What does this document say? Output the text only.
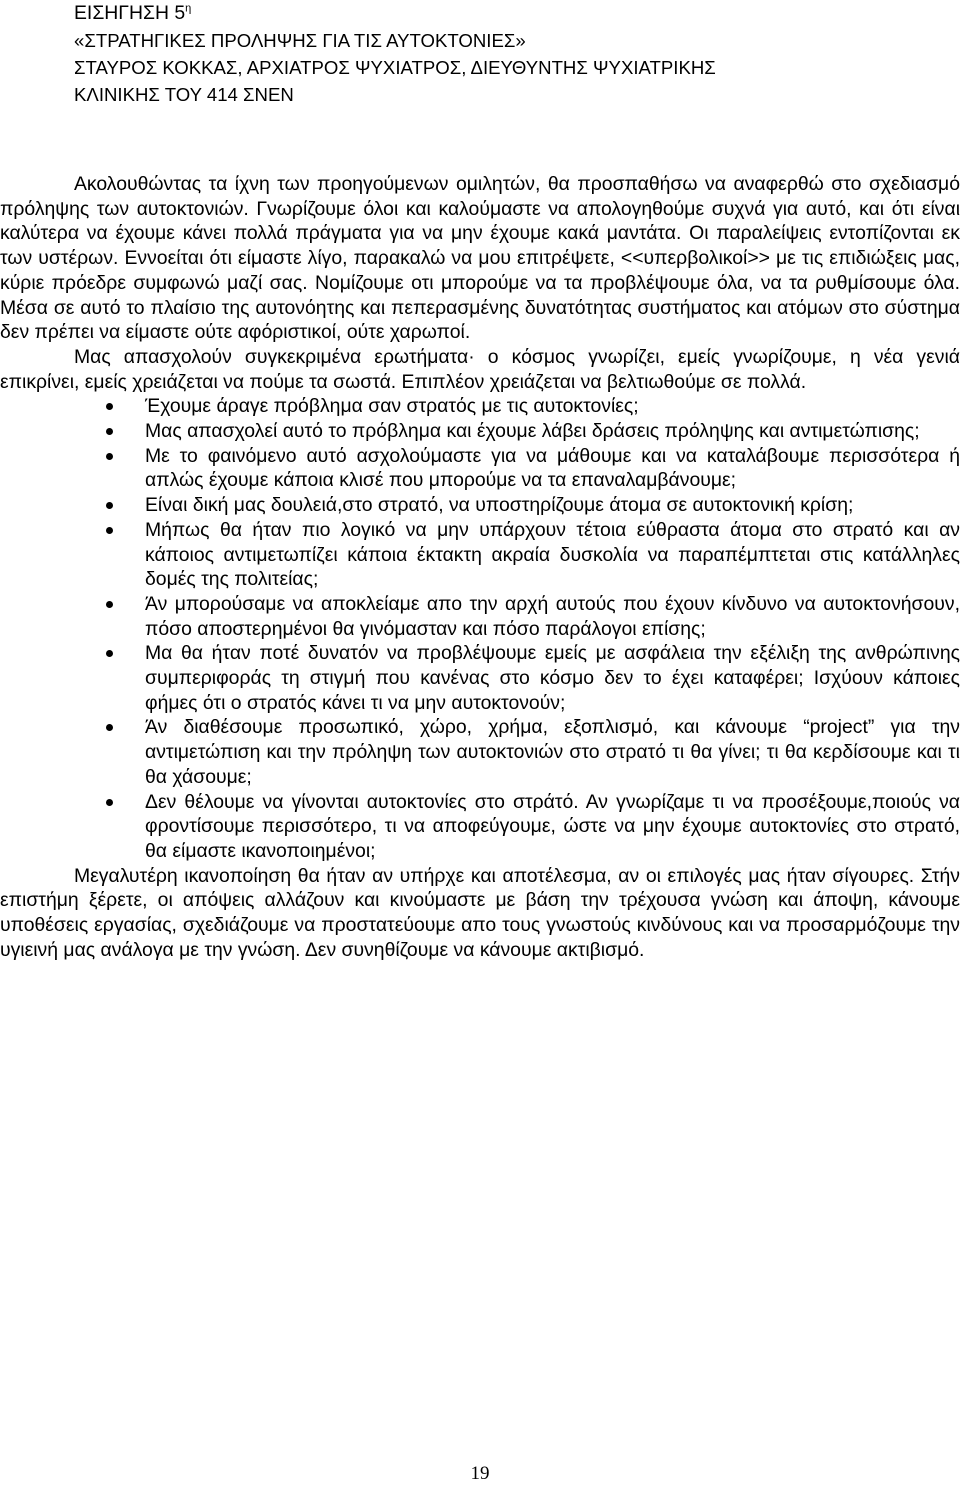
ΕΙΣΗΓΗΣΗ $5^\eta$
«ΣΤΡΑΤΗΓΙΚΕΣ ΠΡΟΛΗΨΗΣ ΓΙΑ ΤΙΣ ΑΥΤΟΚΤΟΝΙΕΣ»
ΣΤΑΥΡΟΣ ΚΟΚΚΑΣ, ΑΡΧΙΑΤΡΟΣ ΨΥΧΙΑΤΡΟΣ, ΔΙΕΥΘΥΝΤΗΣ ΨΥΧΙΑΤΡΙΚΗΣ
ΚΛΙΝΙΚΗΣ ΤΟΥ 414 ΣΝΕΝ

Ακολουθώντας τα ίχνη των προηγούμενων ομιλητών, θα προσπαθήσω να αναφερθώ στο σχεδιασμό πρόληψης των αυτοκτονιών. Γνωρίζουμε όλοι και καλούμαστε να απολογηθούμε συχνά για αυτό, και ότι είναι καλύτερα να έχουμε κάνει πολλά πράγματα για να μην έχουμε κακά μαντάτα. Οι παραλείψεις εντοπίζονται εκ των υστέρων. Εννοείται ότι είμαστε λίγο, παρακαλώ να μου επιτρέψετε, <<υπερβολικοί>> με τις επιδιώξεις μας, κύριε πρόεδρε συμφωνώ μαζί σας. Νομίζουμε οτι μπορούμε να τα προβλέψουμε όλα, να τα ρυθμίσουμε όλα. Μέσα σε αυτό το πλαίσιο της αυτονόητης και πεπερασμένης δυνατότητας συστήματος και ατόμων στο σύστημα δεν πρέπει να είμαστε ούτε αφόριστικοί, ούτε χαρωποί.

Μας απασχολούν συγκεκριμένα ερωτήματα· ο κόσμος γνωρίζει, εμείς γνωρίζουμε, η νέα γενιά επικρίνει, εμείς χρειάζεται να πούμε τα σωστά. Επιπλέον χρειάζεται να βελτιωθούμε σε πολλά.

Έχουμε άραγε πρόβλημα σαν στρατός με τις αυτοκτονίες;
Μας απασχολεί αυτό το πρόβλημα και έχουμε λάβει δράσεις πρόληψης και αντιμετώπισης;
Με το φαινόμενο αυτό ασχολούμαστε για να μάθουμε και να καταλάβουμε περισσότερα ή απλώς έχουμε κάποια κλισέ που μπορούμε να τα επαναλαμβάνουμε;
Είναι δική μας δουλειά,στο στρατό, να υποστηρίζουμε άτομα σε αυτοκτονική κρίση;
Μήπως θα ήταν πιο λογικό να μην υπάρχουν τέτοια εύθραστα άτομα στο στρατό και αν κάποιος αντιμετωπίζει κάποια έκτακτη ακραία δυσκολία να παραπέμπτεται στις κατάλληλες δομές της πολιτείας;
Άν μπορούσαμε να αποκλείαμε απο την αρχή αυτούς που έχουν κίνδυνο να αυτοκτονήσουν, πόσο αποστερημένοι θα γινόμασταν και πόσο παράλογοι επίσης;
Μα θα ήταν ποτέ δυνατόν να προβλέψουμε εμείς με ασφάλεια την εξέλιξη της ανθρώπινης συμπεριφοράς τη στιγμή που κανένας στο κόσμο δεν το έχει καταφέρει; Ισχύουν κάποιες φήμες ότι ο στρατός κάνει τι να μην αυτοκτονούν;
Άν διαθέσουμε προσωπικό, χώρο, χρήμα, εξοπλισμό, και κάνουμε “project” για την αντιμετώπιση και την πρόληψη των αυτοκτονιών στο στρατό τι θα γίνει; τι θα κερδίσουμε και τι θα χάσουμε;
Δεν θέλουμε να γίνονται αυτοκτονίες στο στράτό. Αν γνωρίζαμε τι να προσέξουμε,ποιούς να φροντίσουμε περισσότερο, τι να αποφεύγουμε, ώστε να μην έχουμε αυτοκτονίες στο στρατό, θα είμαστε ικανοποιημένοι;

Μεγαλυτέρη ικανοποίηση θα ήταν αν υπήρχε και αποτέλεσμα, αν οι επιλογές μας ήταν σίγουρες. Στήν επιστήμη ξέρετε, οι απόψεις αλλάζουν και κινούμαστε με βάση την τρέχουσα γνώση και άποψη, κάνουμε υποθέσεις εργασίας, σχεδιάζουμε να προστατεύουμε απο τους γνωστούς κινδύνους και να προσαρμόζουμε την υγιεινή μας ανάλογα με την γνώση. Δεν συνηθίζουμε να κάνουμε ακτιβισμό.

19
